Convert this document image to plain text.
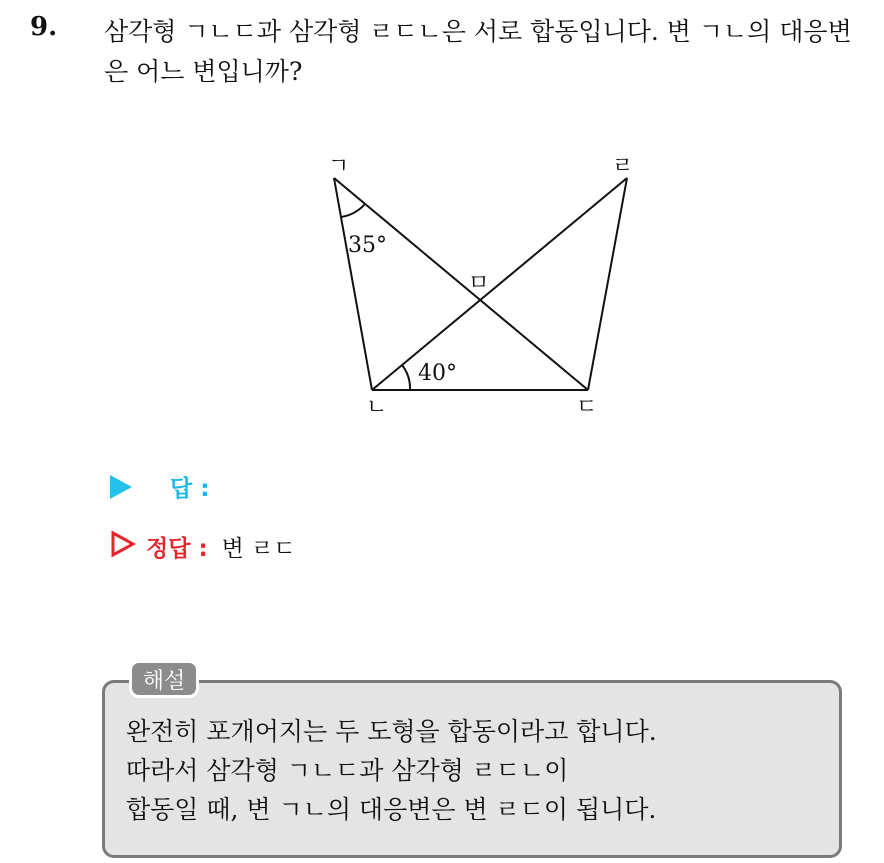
9. 삼각형 ㄱㄴㄷ과 삼각형 ㄹㄷㄴ은 서로 합동입니다. 변 ㄱㄴ의 대응변은 어느 변입니까?
ㄱ	ㄹ
ㄴ	ㄷ
ㅁ
35°
40°
답 :
정답 : 변 ㄹㄷ
해설
완전히 포개어지는 두 도형을 합동이라고 합니다.
따라서 삼각형 ㄱㄴㄷ과 삼각형 ㄹㄷㄴ이
합동일 때, 변 ㄱㄴ의 대응변은 변 ㄹㄷ이 됩니다.
